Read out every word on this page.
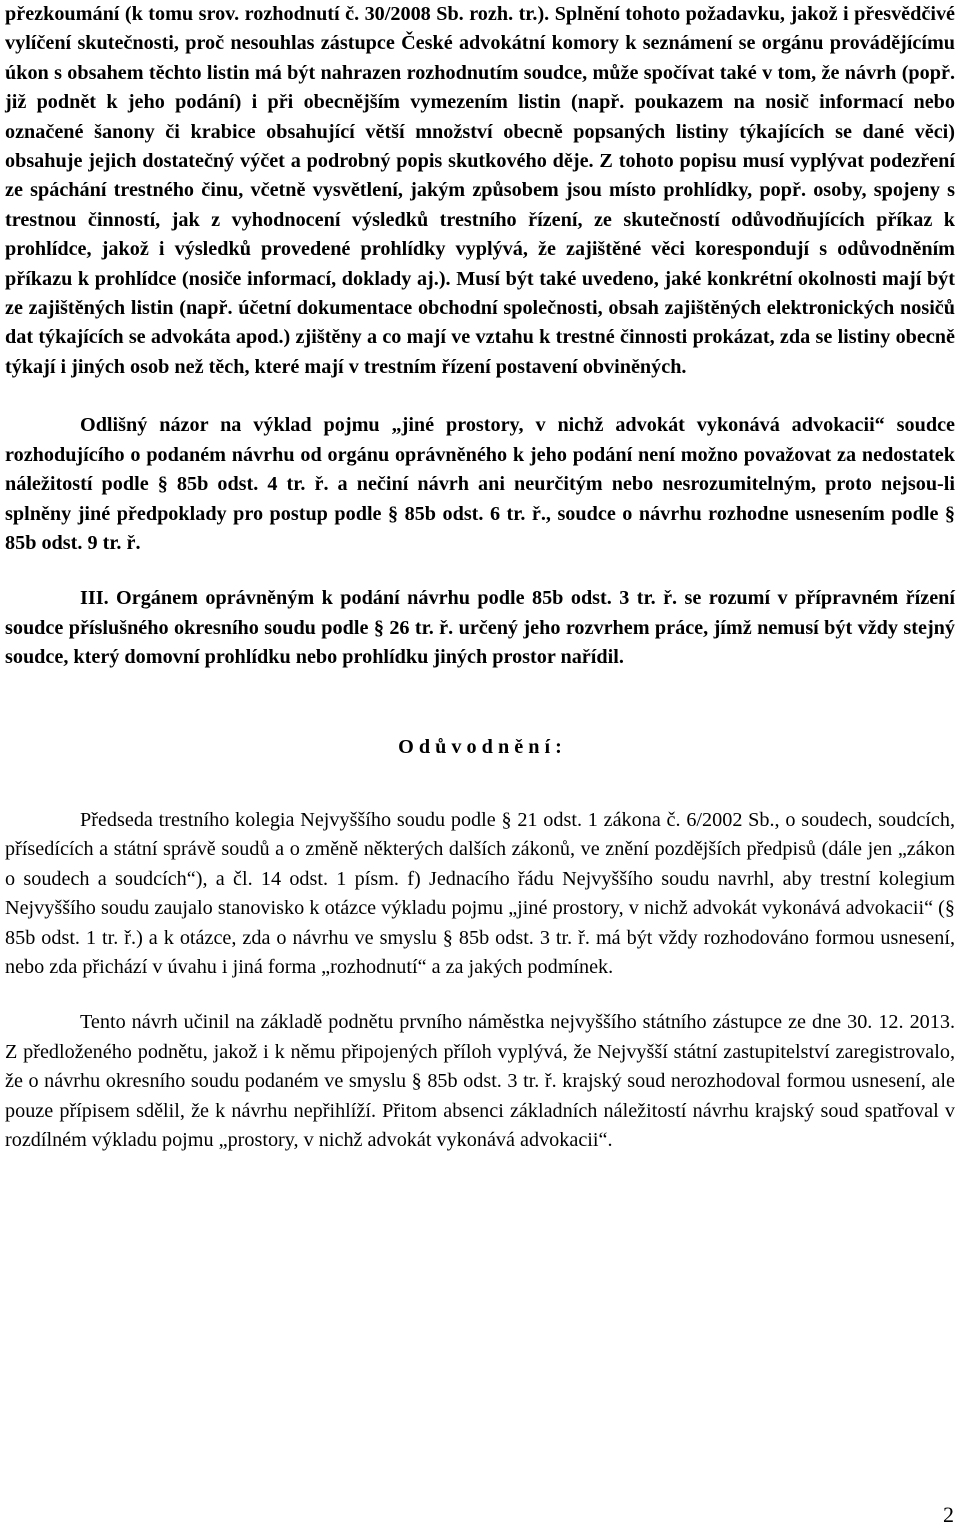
přezkoumání (k tomu srov. rozhodnutí č. 30/2008 Sb. rozh. tr.). Splnění tohoto požadavku, jakož i přesvědčivé vylíčení skutečnosti, proč nesouhlas zástupce České advokátní komory k seznámení se orgánu provádějícímu úkon s obsahem těchto listin má být nahrazen rozhodnutím soudce, může spočívat také v tom, že návrh (popř. již podnět k jeho podání) i při obecnějším vymezením listin (např. poukazem na nosič informací nebo označené šanony či krabice obsahující větší množství obecně popsaných listiny týkajících se dané věci) obsahuje jejich dostatečný výčet a podrobný popis skutkového děje. Z tohoto popisu musí vyplývat podezření ze spáchání trestného činu, včetně vysvětlení, jakým způsobem jsou místo prohlídky, popř. osoby, spojeny s trestnou činností, jak z vyhodnocení výsledků trestního řízení, ze skutečností odůvodňujících příkaz k prohlídce, jakož i výsledků provedené prohlídky vyplývá, že zajištěné věci korespondují s odůvodněním příkazu k prohlídce (nosiče informací, doklady aj.). Musí být také uvedeno, jaké konkrétní okolnosti mají být ze zajištěných listin (např. účetní dokumentace obchodní společnosti, obsah zajištěných elektronických nosičů dat týkajících se advokáta apod.) zjištěny a co mají ve vztahu k trestné činnosti prokázat, zda se listiny obecně týkají i jiných osob než těch, které mají v trestním řízení postavení obviněných.

Odlišný názor na výklad pojmu „jiné prostory, v nichž advokát vykonává advokacii“ soudce rozhodujícího o podaném návrhu od orgánu oprávněného k jeho podání není možno považovat za nedostatek náležitostí podle § 85b odst. 4 tr. ř. a nečiní návrh ani neurčitým nebo nesrozumitelným, proto nejsou-li splněny jiné předpoklady pro postup podle § 85b odst. 6 tr. ř., soudce o návrhu rozhodne usnesením podle § 85b odst. 9 tr. ř.

III. Orgánem oprávněným k podání návrhu podle 85b odst. 3 tr. ř. se rozumí v přípravném řízení soudce příslušného okresního soudu podle § 26 tr. ř. určený jeho rozvrhem práce, jímž nemusí být vždy stejný soudce, který domovní prohlídku nebo prohlídku jiných prostor nařídil.

O d ů v o d n ě n í :

Předseda trestního kolegia Nejvyššího soudu podle § 21 odst. 1 zákona č. 6/2002 Sb., o soudech, soudcích, přísedících a státní správě soudů a o změně některých dalších zákonů, ve znění pozdějších předpisů (dále jen „zákon o soudech a soudcích“), a čl. 14 odst. 1 písm. f) Jednacího řádu Nejvyššího soudu navrhl, aby trestní kolegium Nejvyššího soudu zaujalo stanovisko k otázce výkladu pojmu „jiné prostory, v nichž advokát vykonává advokacii“ (§ 85b odst. 1 tr. ř.) a k otázce, zda o návrhu ve smyslu § 85b odst. 3 tr. ř. má být vždy rozhodováno formou usnesení, nebo zda přichází v úvahu i jiná forma „rozhodnutí“ a za jakých podmínek.

Tento návrh učinil na základě podnětu prvního náměstka nejvyššího státního zástupce ze dne 30. 12. 2013. Z předloženého podnětu, jakož i k němu připojených příloh vyplývá, že Nejvyšší státní zastupitelství zaregistrovalo, že o návrhu okresního soudu podaném ve smyslu § 85b odst. 3 tr. ř. krajský soud nerozhodoval formou usnesení, ale pouze přípisem sdělil, že k návrhu nepřihlíží. Přitom absenci základních náležitostí návrhu krajský soud spatřoval v rozdílném výkladu pojmu „prostory, v nichž advokát vykonává advokacii“.

2
